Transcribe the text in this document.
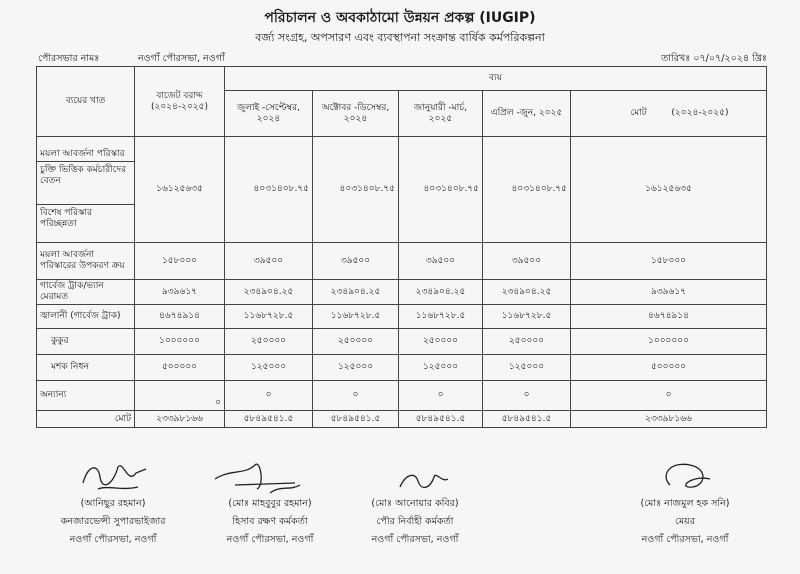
পরিচালন ও অবকাঠামো উন্নয়ন প্রকল্প (IUGIP)
বর্জ্য সংগ্রহ, অপসারণ এবং ব্যবস্থাপনা সংক্রান্ত বার্ষিক কর্মপরিকল্পনা
পৌরসভার নামঃ	নওগাঁ পৌরসভা, নওগাঁ	তারিখঃ ০৭/০৭/২০২৪ খ্রিঃ
ব্যয়ের খাত	বাজেট বরাদ্দ
(২০২৪-২০২৫)	ব্যয়				
		জুলাই -সেপ্টেম্বর, ২০২৪	অক্টোবর -ডিসেম্বর, ২০২৪	জানুয়ারী -মার্চ, ২০২৫	এপ্রিল -জুন, ২০২৫	মোট (২০২৪-২০২৫)

ময়লা আবর্জনা পরিস্কার
চুক্তি ভিত্তিক কর্মচারীদের বেতন
বিশেষ পরিস্কার পরিচ্ছন্নতা	১৬১২৫৬৩৫	৪০৩১৪০৮.৭৫	৪০৩১৪০৮.৭৫	৪০৩১৪০৮.৭৫	৪০৩১৪০৮.৭৫	১৬১২৫৬৩৫
ময়লা আবর্জনা পরিস্কারের উপকরণ ক্রয়	১৫৮০০০	৩৯৫০০	৩৯৫০০	৩৯৫০০	৩৯৫০০	১৫৮০০০
গার্বেজ ট্রাক/ভ্যান মেরামত	৯৩৯৬১৭	২৩৪৯০৪.২৫	২৩৪৯০৪.২৫	২৩৪৯০৪.২৫	২৩৪৯০৪.২৫	৯৩৯৬১৭
জ্বালানী (গার্বেজ ট্রাক)	৪৬৭৪৯১৪	১১৬৮৭২৮.৫	১১৬৮৭২৮.৫	১১৬৮৭২৮.৫	১১৬৮৭২৮.৫	৪৬৭৪৯১৪
কুকুর	১০০০০০০	২৫০০০০	২৫০০০০	২৫০০০০	২৫০০০০	১০০০০০০
মশক নিধন	৫০০০০০	১২৫০০০	১২৫০০০	১২৫০০০	১২৫০০০	৫০০০০০
অন্যান্য	০	০	০	০	০	০
মোট	২৩৩৯৮১৬৬	৫৮৪৯৫৪১.৫	৫৮৪৯৫৪১.৫	৫৮৪৯৫৪১.৫	৫৮৪৯৫৪১.৫	২৩৩৯৮১৬৬
(আনিছুর রহমান)
কনজারভেন্সী সুপারভাইজার
নওগাঁ পৌরসভা, নওগাঁ
(মোঃ মাহবুবুর রহমান)
হিসাব রক্ষণ কর্মকর্তা
নওগাঁ পৌরসভা, নওগাঁ
(মোঃ আনোয়ার কবির)
পৌর নির্বাহী কর্মকর্তা
নওগাঁ পৌরসভা, নওগাঁ
(মোঃ নাজমুল হক সনি)
মেয়র
নওগাঁ পৌরসভা, নওগাঁ
